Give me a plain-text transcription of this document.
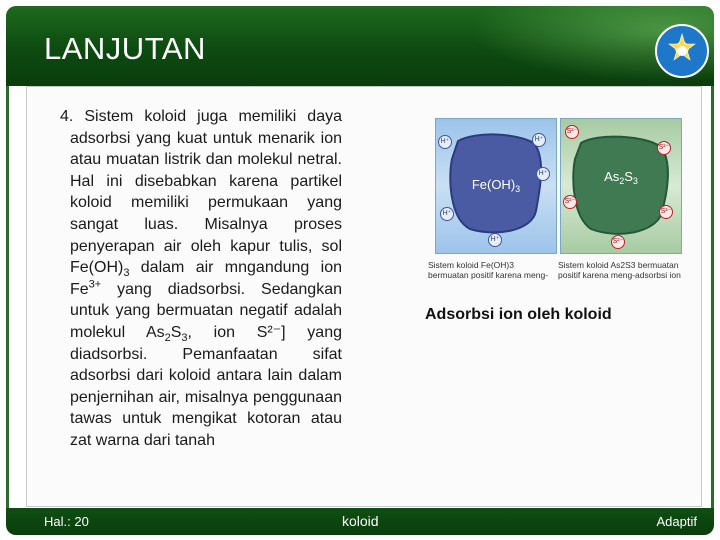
LANJUTAN
4. Sistem koloid juga memiliki daya adsorbsi yang kuat untuk menarik ion atau muatan listrik dan molekul netral. Hal ini disebabkan karena partikel koloid memiliki permukaan yang sangat luas. Misalnya proses penyerapan air oleh kapur tulis, sol $Fe(OH)_3$ dalam air mngandung ion $Fe^{3+}$ yang diadsorbsi. Sedangkan untuk yang bermuatan negatif adalah molekul $As_2S_3$, ion S²⁻] yang diadsorbsi. Pemanfaatan sifat adsorbsi dari koloid antara lain dalam penjernihan air, misalnya penggunaan tawas untuk mengikat kotoran atau zat warna dari tanah
$Fe(OH)_3$
H⁺	H⁺
H⁺
H⁺
H⁺
$As_2S_3$
S²⁻
S²⁻
S²⁻
S²⁻
S²⁻
Sistem koloid Fe(OH)3 bermuatan positif karena meng-
Sistem koloid As2S3 bermuatan positif karena meng-adsorbsi ion
Adsorbsi ion oleh koloid
Hal.: 20	koloid	Adaptif
